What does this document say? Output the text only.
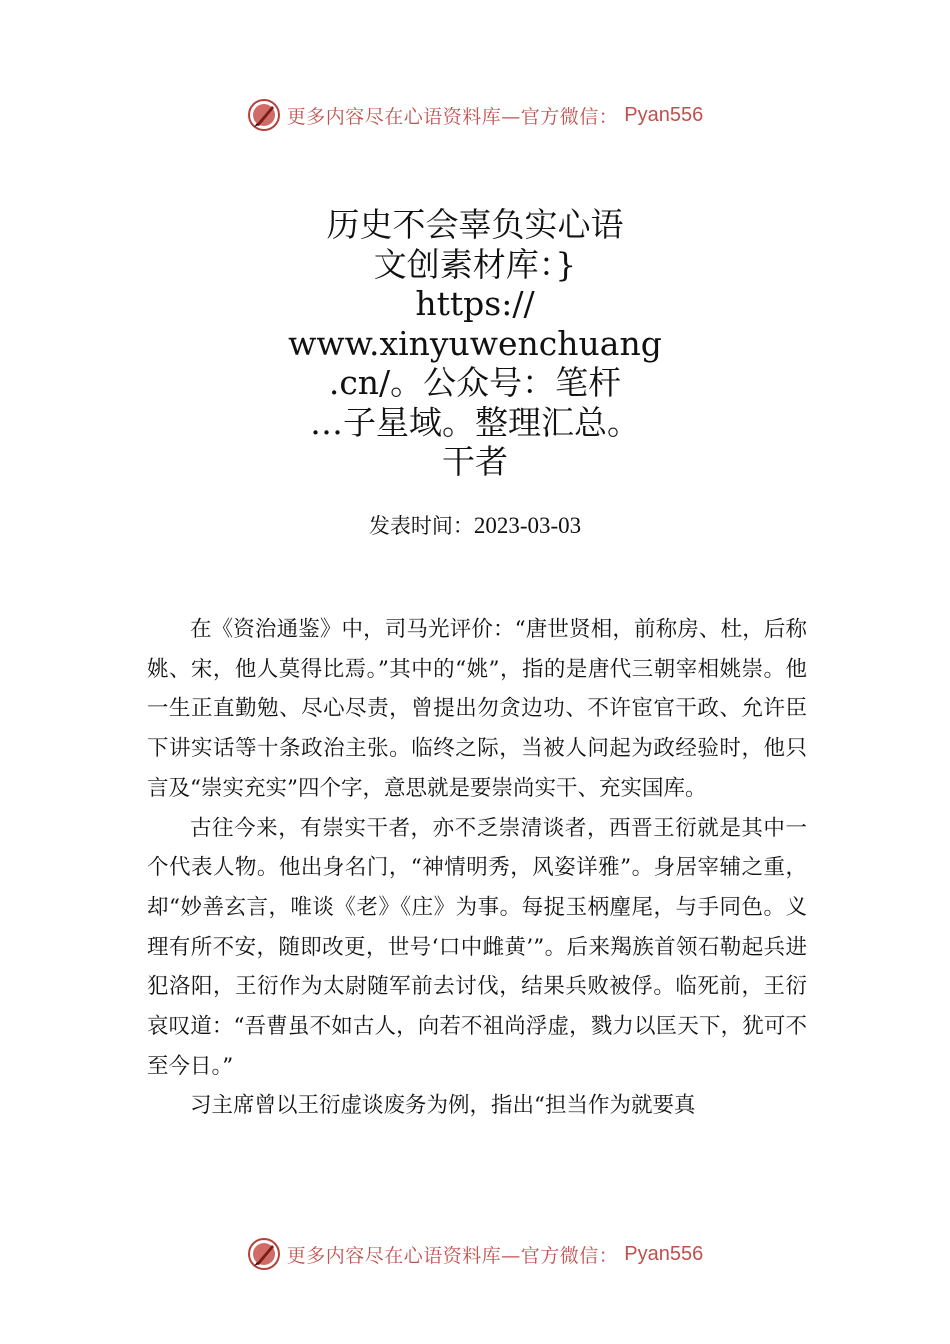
更多内容尽在心语资料库—官方微信： Pyan556
历史不会辜负实心语
文创素材库：}
https://
www.xinyuwenchuang
.cn/。公众号：笔杆
…子星域。整理汇总。
干者
发表时间：2023-03-03

在《资治通鉴》中，司马光评价：“唐世贤相，前称房、杜，后称姚、宋，他人莫得比焉。”其中的“姚”，指的是唐代三朝宰相姚崇。他一生正直勤勉、尽心尽责，曾提出勿贪边功、不许宦官干政、允许臣下讲实话等十条政治主张。临终之际，当被人问起为政经验时，他只言及“崇实充实”四个字，意思就是要崇尚实干、充实国库。

古往今来，有崇实干者，亦不乏崇清谈者，西晋王衍就是其中一个代表人物。他出身名门，“神情明秀，风姿详雅”。身居宰辅之重，却“妙善玄言，唯谈《老》《庄》为事。每捉玉柄麈尾，与手同色。义理有所不安，随即改更，世号‘口中雌黄’”。后来羯族首领石勒起兵进犯洛阳，王衍作为太尉随军前去讨伐，结果兵败被俘。临死前，王衍哀叹道：“吾曹虽不如古人，向若不祖尚浮虚，戮力以匡天下，犹可不至今日。”

习主席曾以王衍虚谈废务为例，指出“担当作为就要真

更多内容尽在心语资料库—官方微信： Pyan556
